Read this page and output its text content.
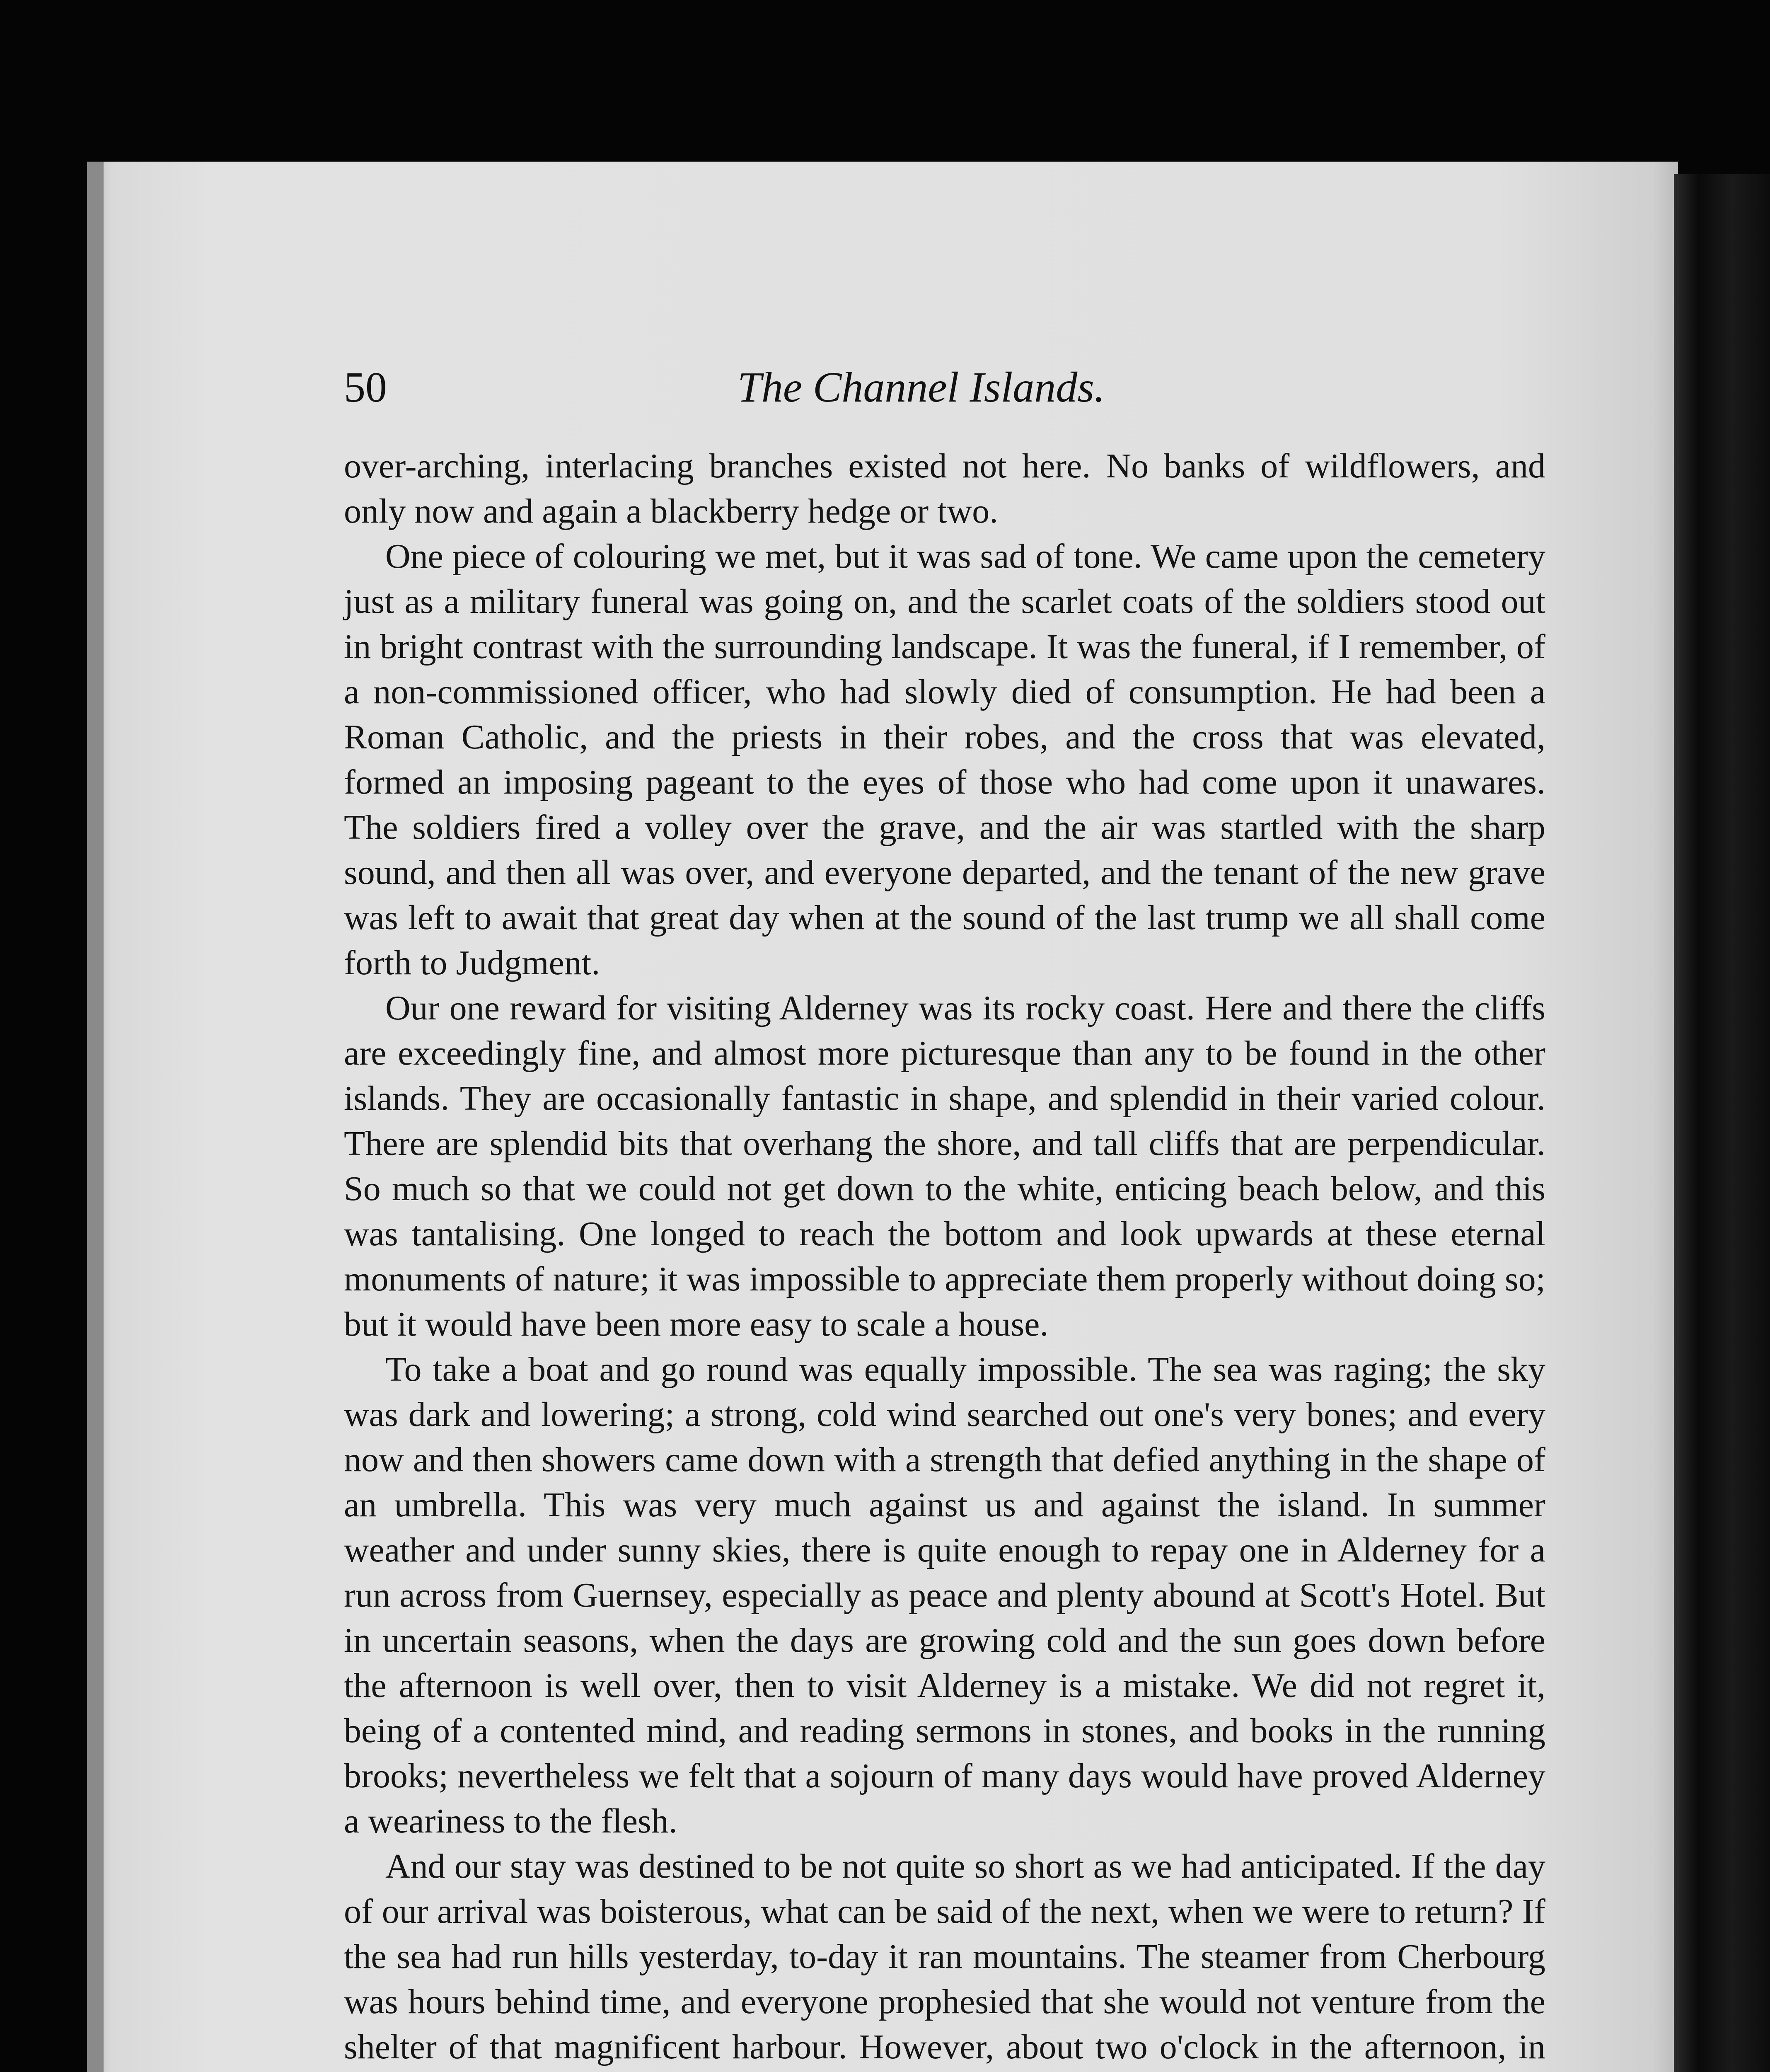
50	The Channel Islands.

over-arching, interlacing branches existed not here. No banks of wildflowers, and only now and again a blackberry hedge or two.

One piece of colouring we met, but it was sad of tone. We came upon the cemetery just as a military funeral was going on, and the scarlet coats of the soldiers stood out in bright contrast with the surrounding landscape. It was the funeral, if I remember, of a non-commissioned officer, who had slowly died of consumption. He had been a Roman Catholic, and the priests in their robes, and the cross that was elevated, formed an imposing pageant to the eyes of those who had come upon it unawares. The soldiers fired a volley over the grave, and the air was startled with the sharp sound, and then all was over, and everyone departed, and the tenant of the new grave was left to await that great day when at the sound of the last trump we all shall come forth to Judgment.

Our one reward for visiting Alderney was its rocky coast. Here and there the cliffs are exceedingly fine, and almost more picturesque than any to be found in the other islands. They are occasionally fantastic in shape, and splendid in their varied colour. There are splendid bits that overhang the shore, and tall cliffs that are perpendicular. So much so that we could not get down to the white, enticing beach below, and this was tantalising. One longed to reach the bottom and look upwards at these eternal monuments of nature; it was impossible to appreciate them properly without doing so; but it would have been more easy to scale a house.

To take a boat and go round was equally impossible. The sea was raging; the sky was dark and lowering; a strong, cold wind searched out one's very bones; and every now and then showers came down with a strength that defied anything in the shape of an umbrella. This was very much against us and against the island. In summer weather and under sunny skies, there is quite enough to repay one in Alderney for a run across from Guernsey, especially as peace and plenty abound at Scott's Hotel. But in uncertain seasons, when the days are growing cold and the sun goes down before the afternoon is well over, then to visit Alderney is a mistake. We did not regret it, being of a contented mind, and reading sermons in stones, and books in the running brooks; nevertheless we felt that a sojourn of many days would have proved Alderney a weariness to the flesh.

And our stay was destined to be not quite so short as we had anticipated. If the day of our arrival was boisterous, what can be said of the next, when we were to return? If the sea had run hills yesterday, to-day it ran mountains. The steamer from Cherbourg was hours behind time, and everyone prophesied that she would not venture from the shelter of that magnificent harbour. However, about two o'clock in the afternoon, in
